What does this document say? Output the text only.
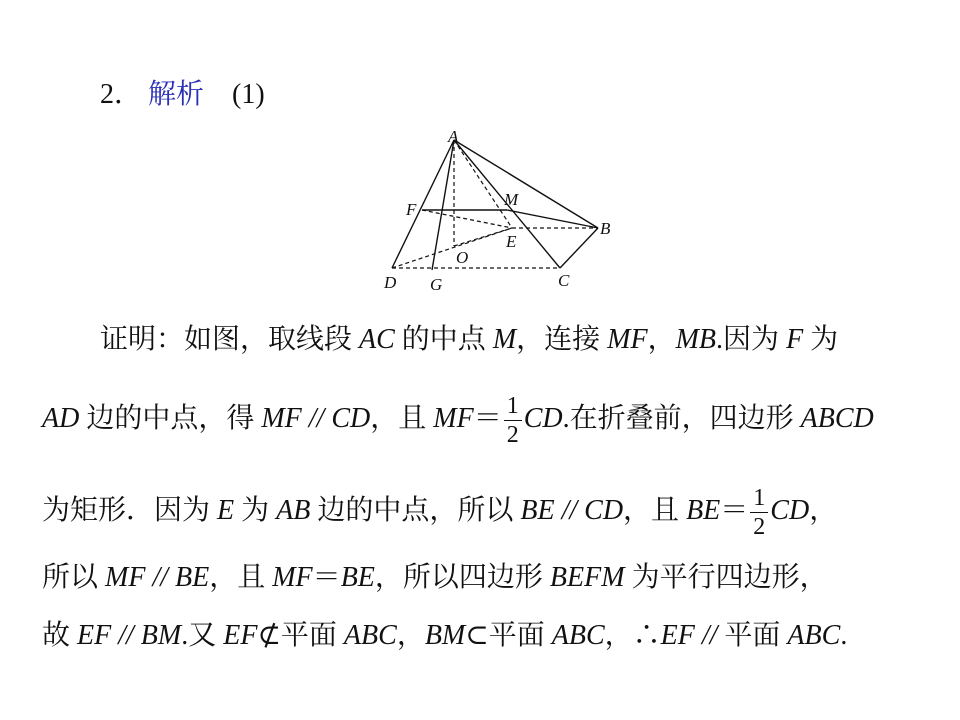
2． 解析 (1)
A
M
F
B
E
O
D G	C
证明：如图，取线段 AC 的中点 M，连接 MF，MB.因为 F 为
AD 边的中点，得 MF // CD，且 $MF= \frac{1}{2}$ CD.在折叠前，四边形 ABCD
为矩形．因为 E 为 AB 边的中点，所以 BE // CD，且 $BE= \frac{1}{2}$ CD，
所以 MF // BE，且 MF＝BE，所以四边形 BEFM 为平行四边形，
故 EF // BM.又 EF⊄平面 ABC，BM⊂平面 ABC，∴EF // 平面 ABC.
